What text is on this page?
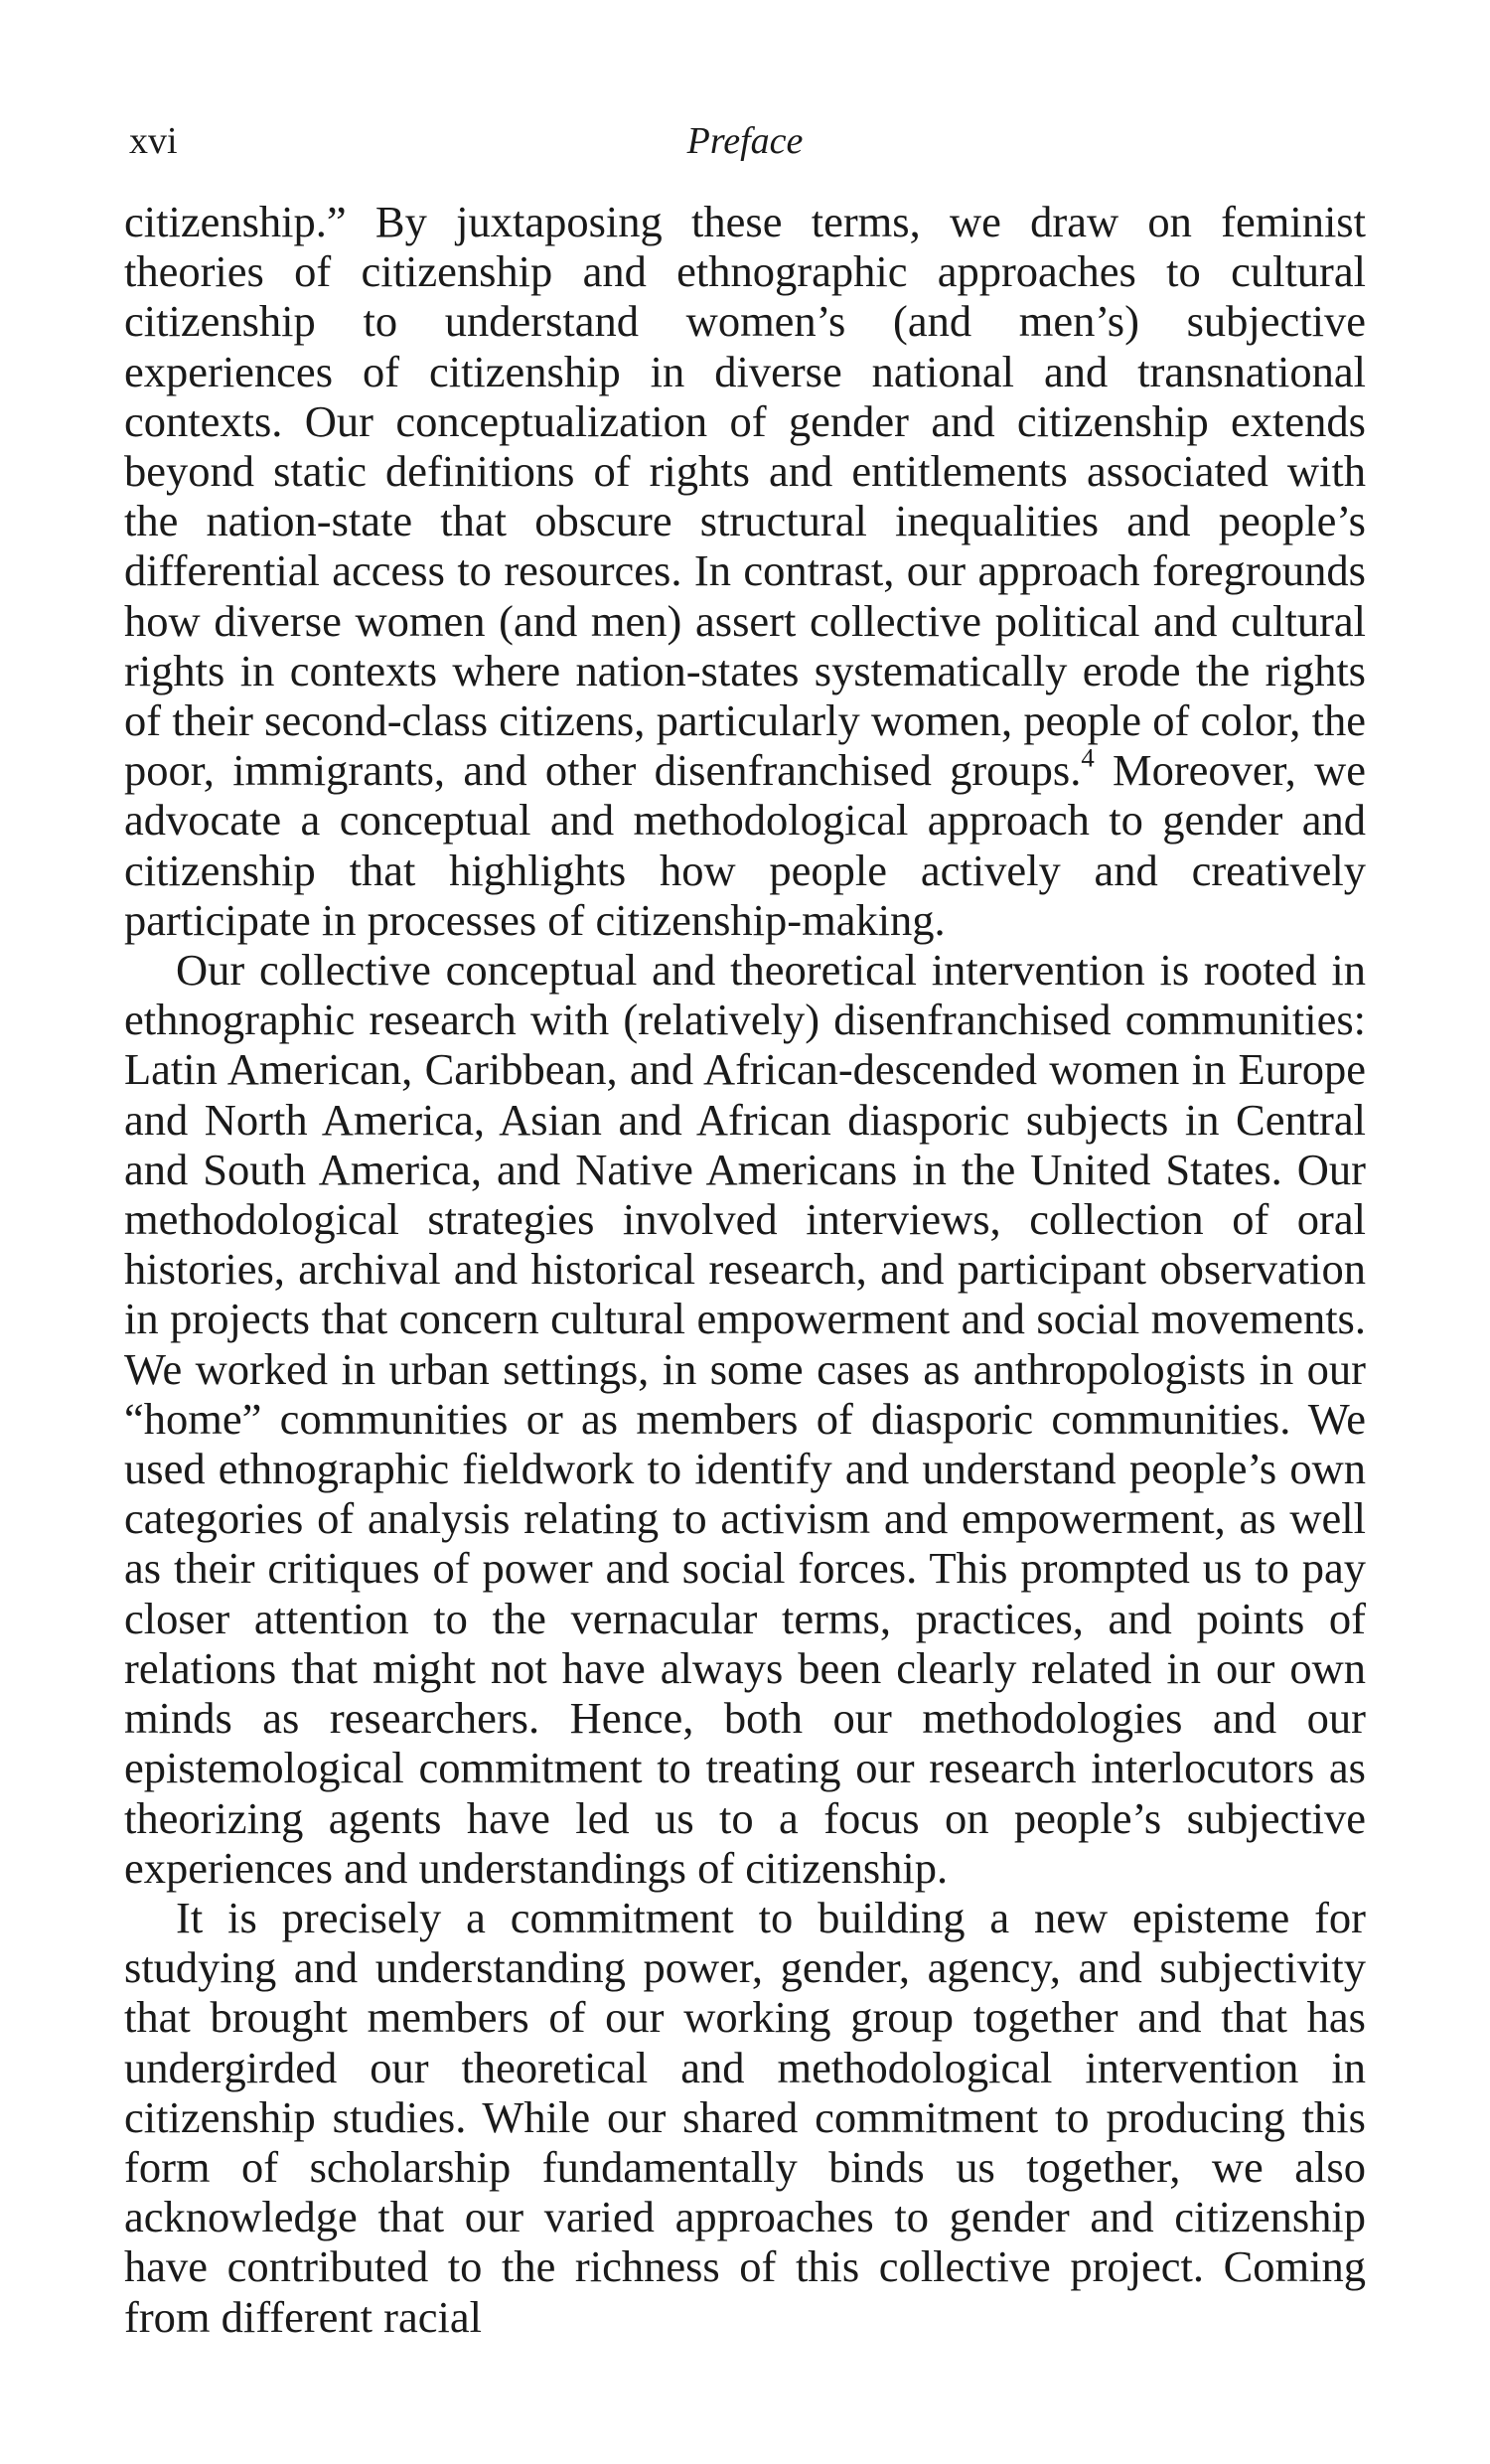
xvi	Preface

citizenship.” By juxtaposing these terms, we draw on feminist theories of citizenship and ethnographic approaches to cultural citizenship to understand women’s (and men’s) subjective experiences of citizenship in diverse national and transnational contexts. Our conceptualization of gender and citizenship extends beyond static definitions of rights and entitlements associated with the nation-state that obscure structural inequalities and people’s differential access to resources. In contrast, our approach foregrounds how diverse women (and men) assert collective political and cultural rights in contexts where nation-states systematically erode the rights of their second-class citizens, particularly women, people of color, the poor, immigrants, and other disenfranchised groups.$^4$ Moreover, we advocate a conceptual and methodological approach to gender and citizenship that highlights how people actively and creatively participate in processes of citizenship-making.

Our collective conceptual and theoretical intervention is rooted in ethnographic research with (relatively) disenfranchised communities: Latin American, Caribbean, and African-descended women in Europe and North America, Asian and African diasporic subjects in Central and South America, and Native Americans in the United States. Our methodological strategies involved interviews, collection of oral histories, archival and historical research, and participant observation in projects that concern cultural empowerment and social movements. We worked in urban settings, in some cases as anthropologists in our “home” communities or as members of diasporic communities. We used ethnographic fieldwork to identify and understand people’s own categories of analysis relating to activism and empowerment, as well as their critiques of power and social forces. This prompted us to pay closer attention to the vernacular terms, practices, and points of relations that might not have always been clearly related in our own minds as researchers. Hence, both our methodologies and our epistemological commitment to treating our research interlocutors as theorizing agents have led us to a focus on people’s subjective experiences and understandings of citizenship.

It is precisely a commitment to building a new episteme for studying and understanding power, gender, agency, and subjectivity that brought members of our working group together and that has undergirded our theoretical and methodological intervention in citizenship studies. While our shared commitment to producing this form of scholarship fundamentally binds us together, we also acknowledge that our varied approaches to gender and citizenship have contributed to the richness of this collective project. Coming from different racial
